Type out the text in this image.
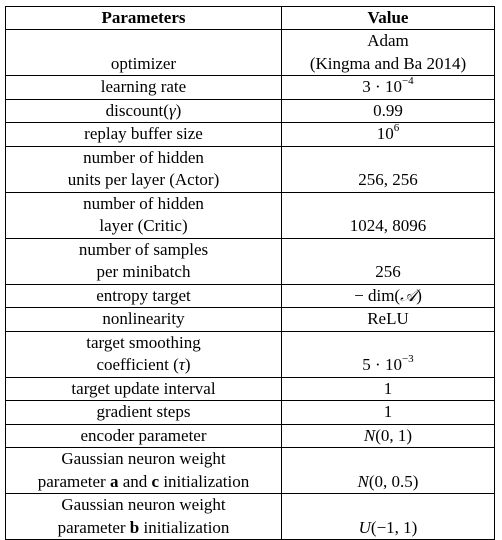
Parameters	Value

optimizer	Adam
(Kingma and Ba 2014)

learning rate	$3 \cdot 10^{-4}$
discount(γ)	0.99
replay buffer size	$10^6$

number of hidden
units per layer (Actor)	256, 256

number of hidden
layer (Critic)	1024, 8096

number of samples
per minibatch	256
entropy target	− dim(𝒜)
nonlinearity	ReLU

target smoothing
coefficient (τ)	$5 \cdot 10^{-3}$
target update interval	1
gradient steps	1
encoder parameter	N(0, 1)

Gaussian neuron weight
parameter a and c initialization	N(0, 0.5)

Gaussian neuron weight
parameter b initialization	U(−1, 1)
